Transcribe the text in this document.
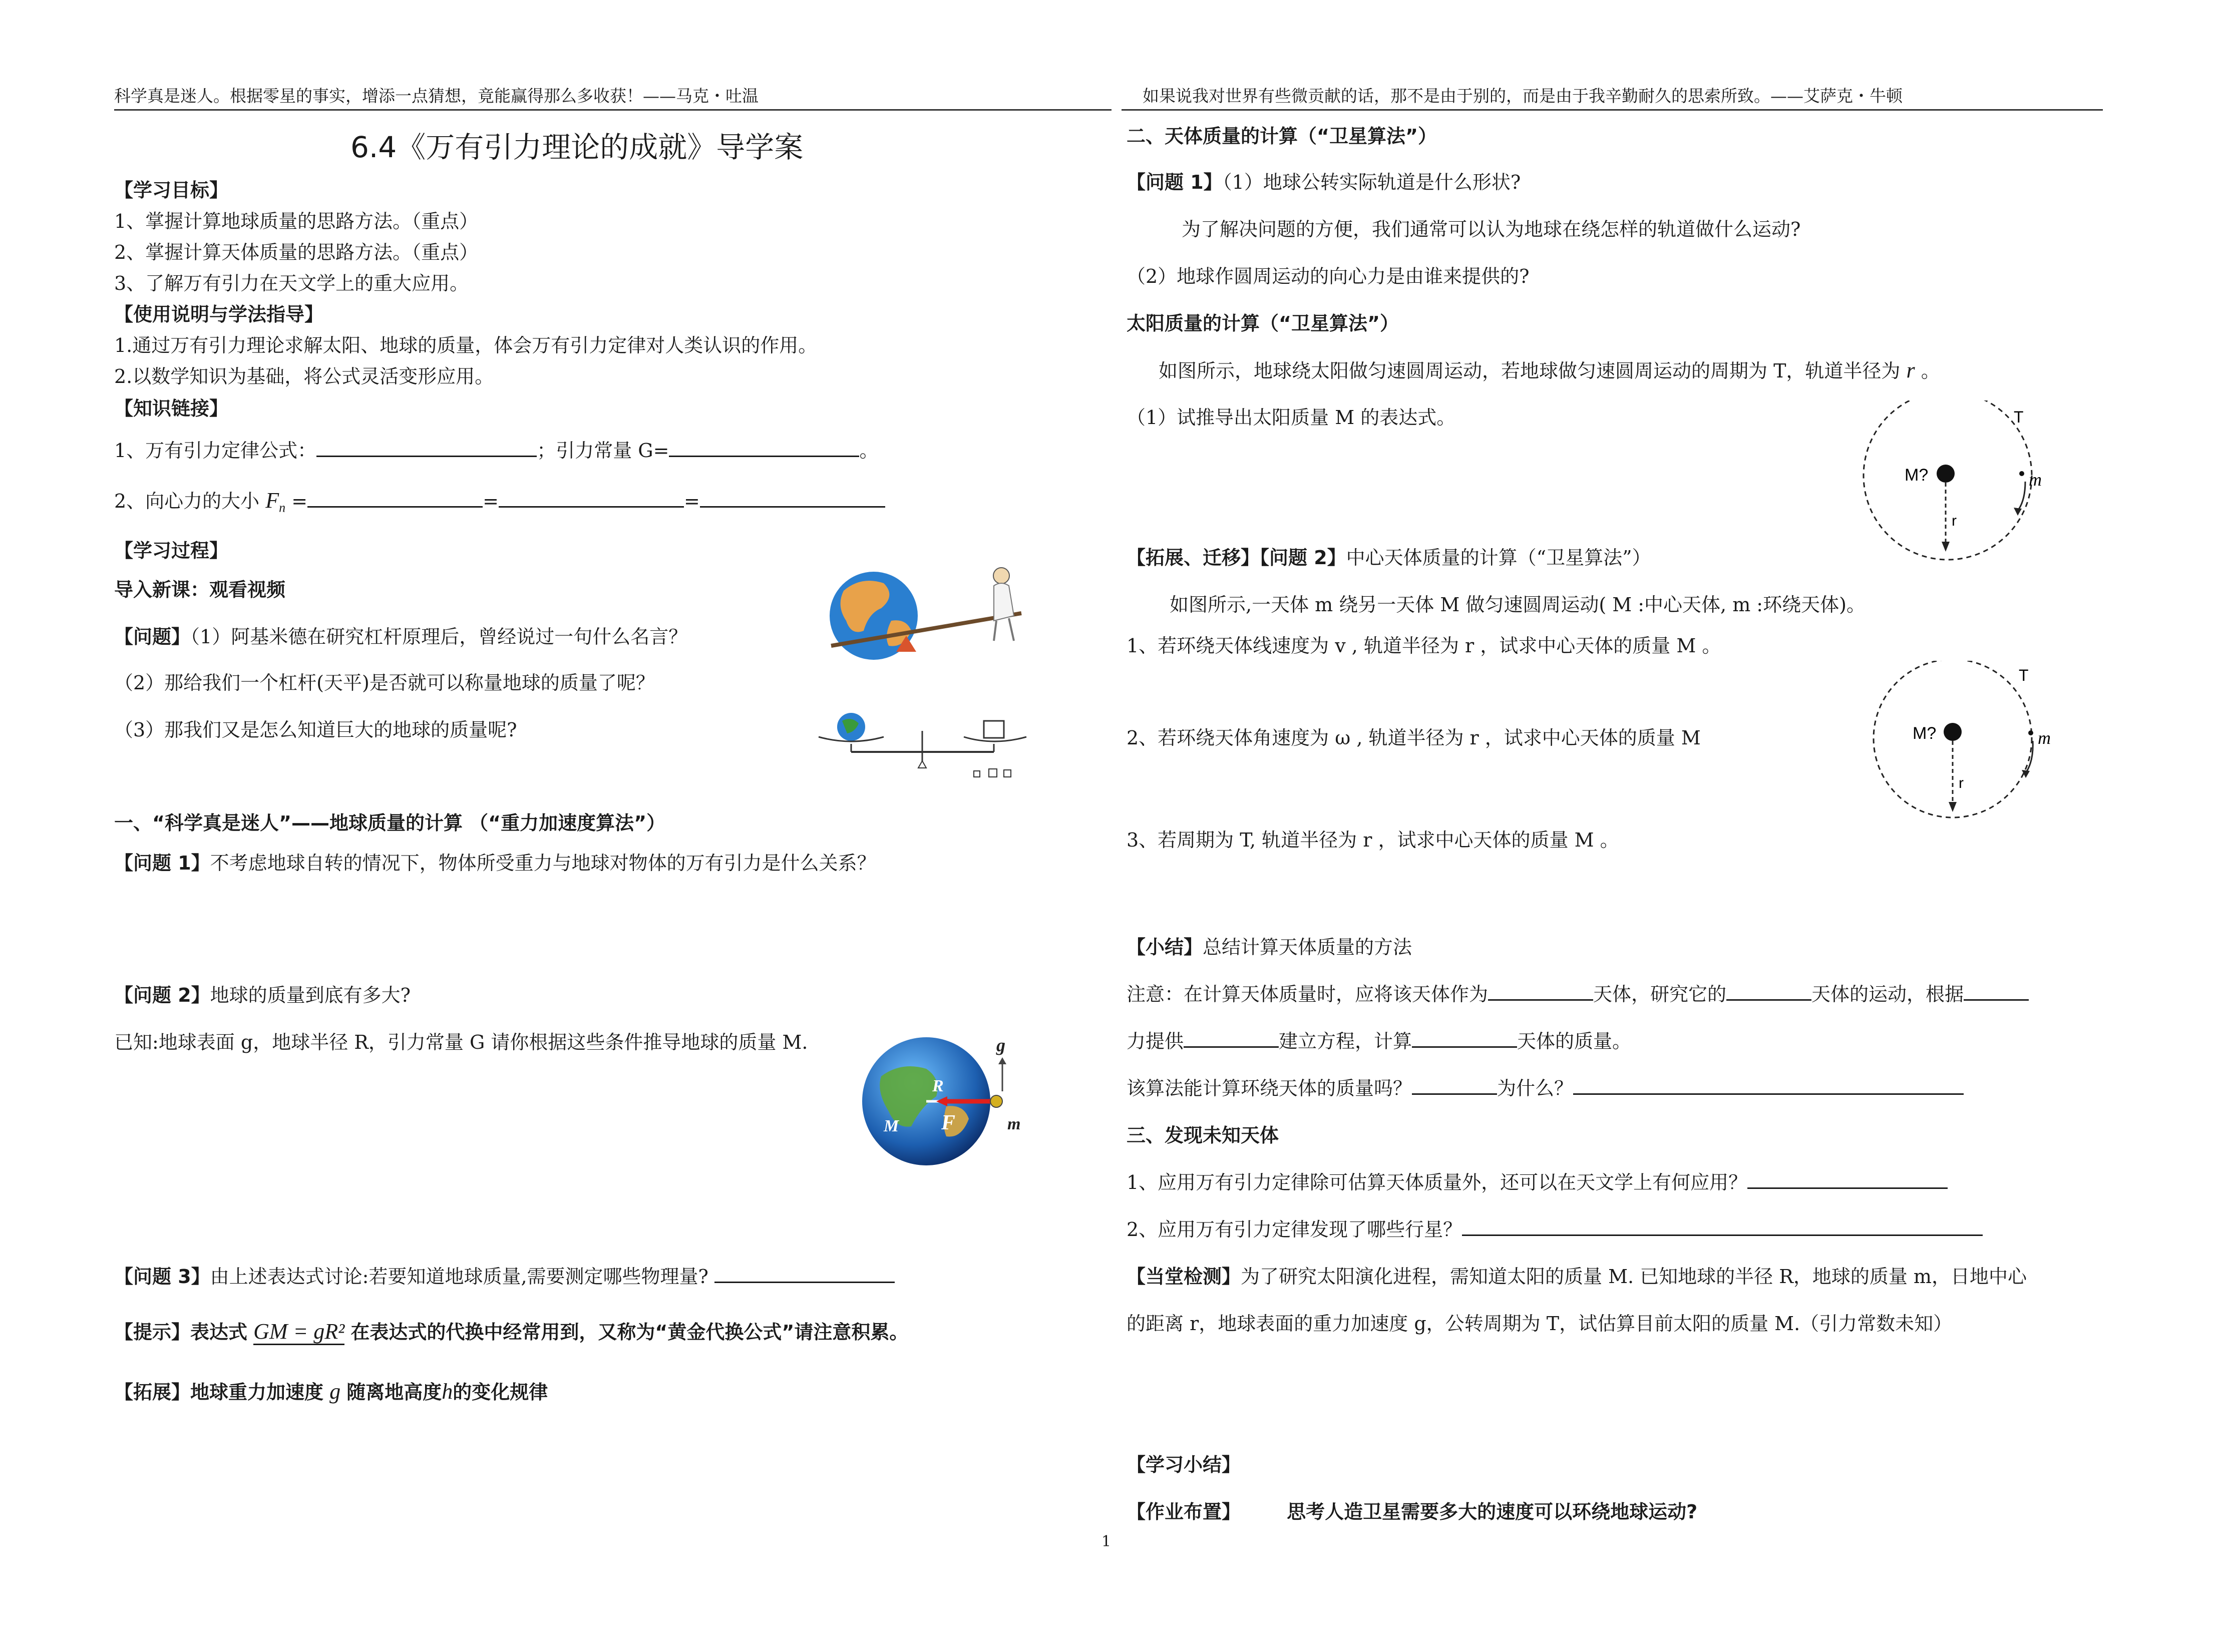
科学真是迷人。根据零星的事实，增添一点猜想，竟能赢得那么多收获！——马克・吐温	如果说我对世界有些微贡献的话，那不是由于别的，而是由于我辛勤耐久的思索所致。——艾萨克・牛顿
6.4《万有引力理论的成就》导学案
【学习目标】
1、掌握计算地球质量的思路方法。（重点）
2、掌握计算天体质量的思路方法。（重点）
3、了解万有引力在天文学上的重大应用。
【使用说明与学法指导】
1.通过万有引力理论求解太阳、地球的质量，体会万有引力定律对人类认识的作用。
2.以数学知识为基础，将公式灵活变形应用。
【知识链接】
1、万有引力定律公式：	；引力常量 G=	。
2、向心力的大小 $F_n$ =	=	=
【学习过程】
导入新课：观看视频
【问题】（1）阿基米德在研究杠杆原理后，曾经说过一句什么名言？
（2）那给我们一个杠杆(天平)是否就可以称量地球的质量了呢？
（3）那我们又是怎么知道巨大的地球的质量呢?
一、“科学真是迷人”——地球质量的计算 （“重力加速度算法”）
【问题 1】不考虑地球自转的情况下，物体所受重力与地球对物体的万有引力是什么关系？
【问题 2】地球的质量到底有多大?
已知:地球表面 g，地球半径 R，引力常量 G 请你根据这些条件推导地球的质量 M.
R
F
M
g
m
【问题 3】由上述表达式讨论:若要知道地球质量,需要测定哪些物理量?
【提示】表达式 GM = gR² 在表达式的代换中经常用到，又称为“黄金代换公式”请注意积累。
【拓展】地球重力加速度 g 随离地高度h的变化规律
二、天体质量的计算（“卫星算法”）
【问题 1】（1）地球公转实际轨道是什么形状?
为了解决问题的方便，我们通常可以认为地球在绕怎样的轨道做什么运动?
（2）地球作圆周运动的向心力是由谁来提供的?
太阳质量的计算（“卫星算法”）
如图所示，地球绕太阳做匀速圆周运动，若地球做匀速圆周运动的周期为 T，轨道半径为 r 。
（1）试推导出太阳质量 M 的表达式。
M?
r
T
m
【拓展、迁移】【问题 2】中心天体质量的计算（“卫星算法”）
如图所示,一天体 m 绕另一天体 M 做匀速圆周运动( M :中心天体, m :环绕天体)。
1、若环绕天体线速度为 v , 轨道半径为 r ，试求中心天体的质量 M 。
2、若环绕天体角速度为 ω , 轨道半径为 r ，试求中心天体的质量 M
3、若周期为 T, 轨道半径为 r ，试求中心天体的质量 M 。
M?
r
T
m
【小结】总结计算天体质量的方法
注意：在计算天体质量时，应将该天体作为	天体，研究它的	天体的运动，根据
力提供	建立方程，计算	天体的质量。
该算法能计算环绕天体的质量吗？	为什么？
三、发现未知天体
1、应用万有引力定律除可估算天体质量外，还可以在天文学上有何应用？
2、应用万有引力定律发现了哪些行星？
【当堂检测】为了研究太阳演化进程，需知道太阳的质量 M. 已知地球的半径 R，地球的质量 m，日地中心
的距离 r，地球表面的重力加速度 g，公转周期为 T，试估算目前太阳的质量 M.（引力常数未知）
【学习小结】
【作业布置】 思考人造卫星需要多大的速度可以环绕地球运动?
1
